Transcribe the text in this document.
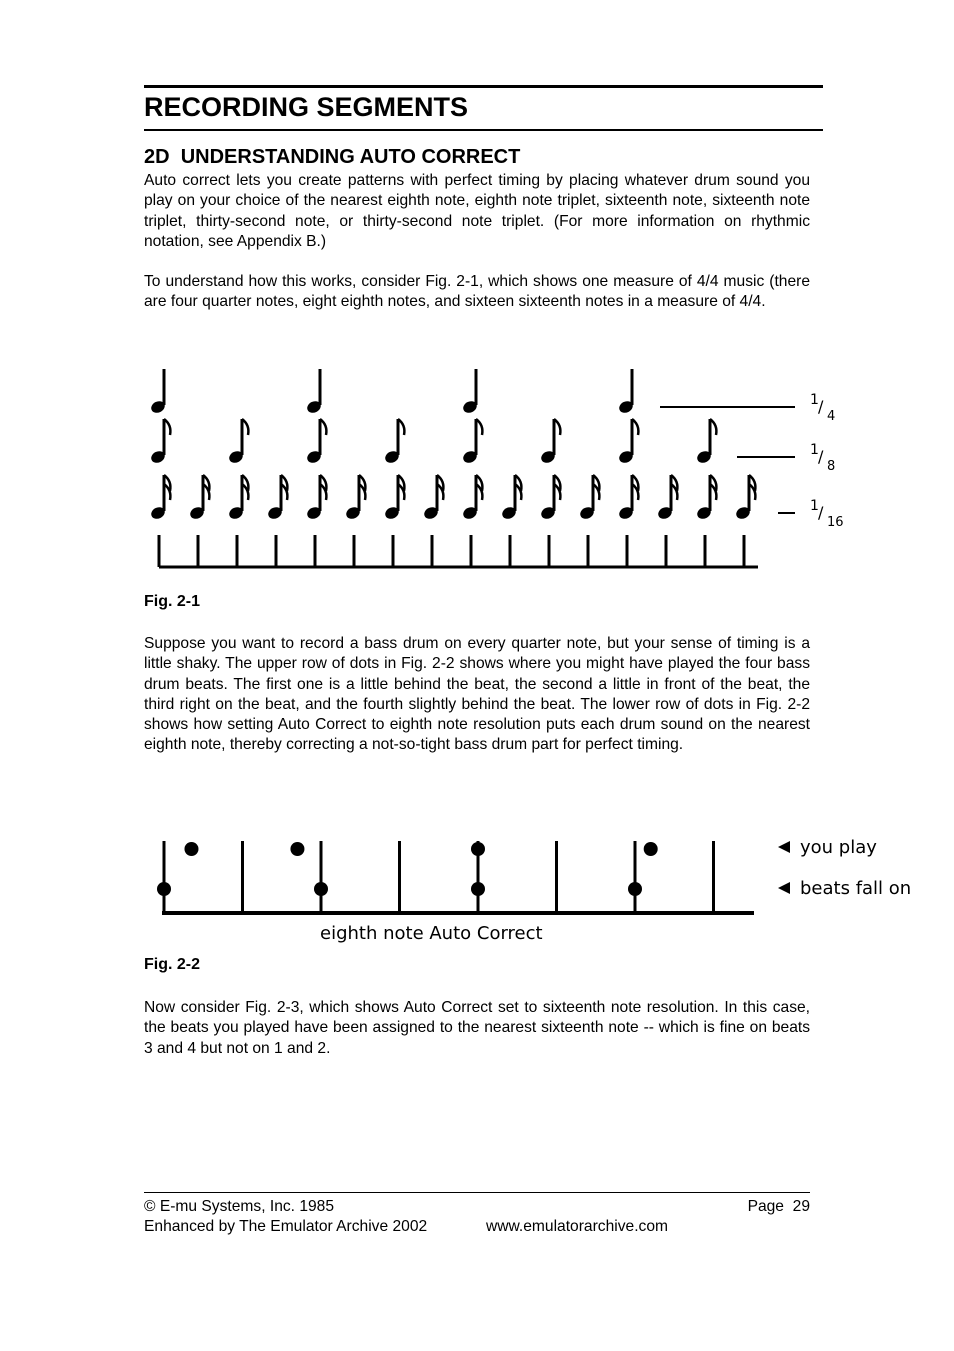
RECORDING SEGMENTS
2D UNDERSTANDING AUTO CORRECT

Auto correct lets you create patterns with perfect timing by placing whatever drum sound you play on your choice of the nearest eighth note, eighth note triplet, sixteenth note, sixteenth note triplet, thirty-second note, or thirty-second note triplet. (For more information on rhythmic notation, see Appendix B.)

To understand how this works, consider Fig. 2-1, which shows one measure of 4/4 music (there are four quarter notes, eight eighth notes, and sixteen sixteenth notes in a measure of 4/4.

1 /
4
1 /
8
1 /
16
Fig. 2-1

Suppose you want to record a bass drum on every quarter note, but your sense of timing is a little shaky. The upper row of dots in Fig. 2-2 shows where you might have played the four bass drum beats. The first one is a little behind the beat, the second a little in front of the beat, the third right on the beat, and the fourth slightly behind the beat. The lower row of dots in Fig. 2-2 shows how setting Auto Correct to eighth note resolution puts each drum sound on the nearest eighth note, thereby correcting a not-so-tight bass drum part for perfect timing.

you play
beats fall on
eighth note Auto Correct
Fig. 2-2

Now consider Fig. 2-3, which shows Auto Correct set to sixteenth note resolution. In this case, the beats you played have been assigned to the nearest sixteenth note -- which is fine on beats 3 and 4 but not on 1 and 2.

© E-mu Systems, Inc. 1985	Page  29
Enhanced by The Emulator Archive 2002	www.emulatorarchive.com
